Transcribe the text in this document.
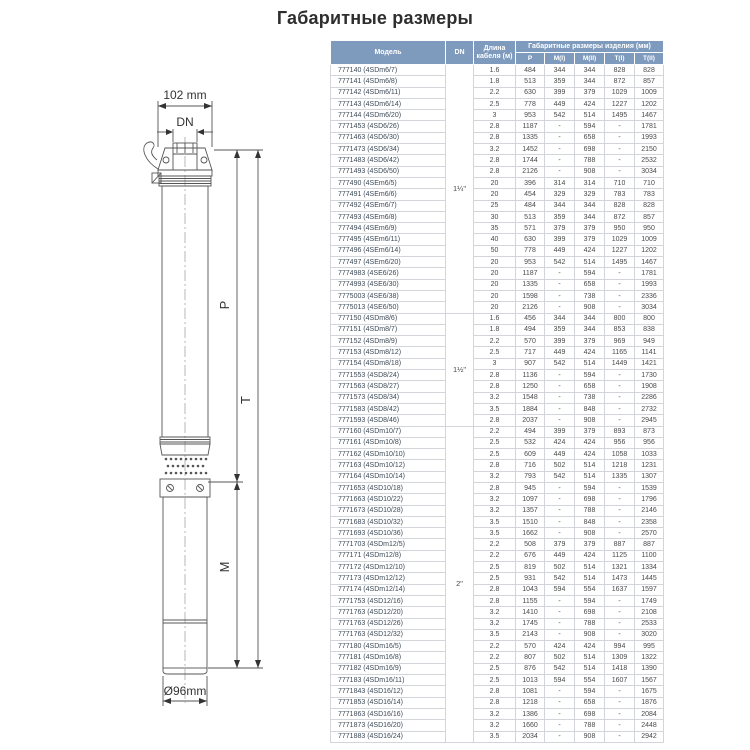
Габаритные размеры
102 mm
DN
P
T
M
Ø96mm
Модель	DN	Длина кабеля (м)	Габаритные размеры изделия (мм)				
			P	М(I)	М(II)	Т(I)	Т(II)
777140 (4SDm6/7)	1¼"	1.6	484	344	344	828	828
777141 (4SDm6/8)		1.8	513	359	344	872	857
777142 (4SDm6/11)		2.2	630	399	379	1029	1009
777143 (4SDm6/14)		2.5	778	449	424	1227	1202
777144 (4SDm6/20)		3	953	542	514	1495	1467
7771453 (4SD6/26)		2.8	1187	-	594	-	1781
7771463 (4SD6/30)		2.8	1335	-	658	-	1993
7771473 (4SD6/34)		3.2	1452	-	698	-	2150
7771483 (4SD6/42)		2.8	1744	-	788	-	2532
7771493 (4SD6/50)		2.8	2126	-	908	-	3034
777490 (4SEm6/5)		20	396	314	314	710	710
777491 (4SEm6/6)		20	454	329	329	783	783
777492 (4SEm6/7)		25	484	344	344	828	828
777493 (4SEm6/8)		30	513	359	344	872	857
777494 (4SEm6/9)		35	571	379	379	950	950
777495 (4SEm6/11)		40	630	399	379	1029	1009
777496 (4SEm6/14)		50	778	449	424	1227	1202
777497 (4SEm6/20)		20	953	542	514	1495	1467
7774983 (4SE6/26)		20	1187	-	594	-	1781
7774993 (4SE6/30)		20	1335	-	658	-	1993
7775003 (4SE6/38)		20	1598	-	738	-	2336
7775013 (4SE6/50)		20	2126	-	908	-	3034
777150 (4SDm8/6)	1½"	1.6	456	344	344	800	800
777151 (4SDm8/7)		1.8	494	359	344	853	838
777152 (4SDm8/9)		2.2	570	399	379	969	949
777153 (4SDm8/12)		2.5	717	449	424	1165	1141
777154 (4SDm8/18)		3	907	542	514	1449	1421
7771553 (4SD8/24)		2.8	1136	-	594	-	1730
7771563 (4SD8/27)		2.8	1250	-	658	-	1908
7771573 (4SD8/34)		3.2	1548	-	738	-	2286
7771583 (4SD8/42)		3.5	1884	-	848	-	2732
7771593 (4SD8/46)		2.8	2037	-	908	-	2945
777160 (4SDm10/7)	2"	2.2	494	399	379	893	873
777161 (4SDm10/8)		2.5	532	424	424	956	956
777162 (4SDm10/10)		2.5	609	449	424	1058	1033
777163 (4SDm10/12)		2.8	716	502	514	1218	1231
777164 (4SDm10/14)		3.2	793	542	514	1335	1307
7771653 (4SD10/18)		2.8	945	-	594	-	1539
7771663 (4SD10/22)		3.2	1097	-	698	-	1796
7771673 (4SD10/28)		3.2	1357	-	788	-	2146
7771683 (4SD10/32)		3.5	1510	-	848	-	2358
7771693 (4SD10/36)		3.5	1662	-	908	-	2570
7771703 (4SDm12/5)		2.2	508	379	379	887	887
777171 (4SDm12/8)		2.2	676	449	424	1125	1100
777172 (4SDm12/10)		2.5	819	502	514	1321	1334
777173 (4SDm12/12)		2.5	931	542	514	1473	1445
777174 (4SDm12/14)		2.8	1043	594	554	1637	1597
7771753 (4SD12/16)		2.8	1155	-	594	-	1749
7771763 (4SD12/20)		3.2	1410	-	698	-	2108
7771763 (4SD12/26)		3.2	1745	-	788	-	2533
7771763 (4SD12/32)		3.5	2143	-	908	-	3020
777180 (4SDm16/5)		2.2	570	424	424	994	995
777181 (4SDm16/8)		2.2	807	502	514	1309	1322
777182 (4SDm16/9)		2.5	876	542	514	1418	1390
777183 (4SDm16/11)		2.5	1013	594	554	1607	1567
7771843 (4SD16/12)		2.8	1081	-	594	-	1675
7771853 (4SD16/14)		2.8	1218	-	658	-	1876
7771863 (4SD16/16)		3.2	1386	-	698	-	2084
7771873 (4SD16/20)		3.2	1660	-	788	-	2448
7771883 (4SD16/24)		3.5	2034	-	908	-	2942
